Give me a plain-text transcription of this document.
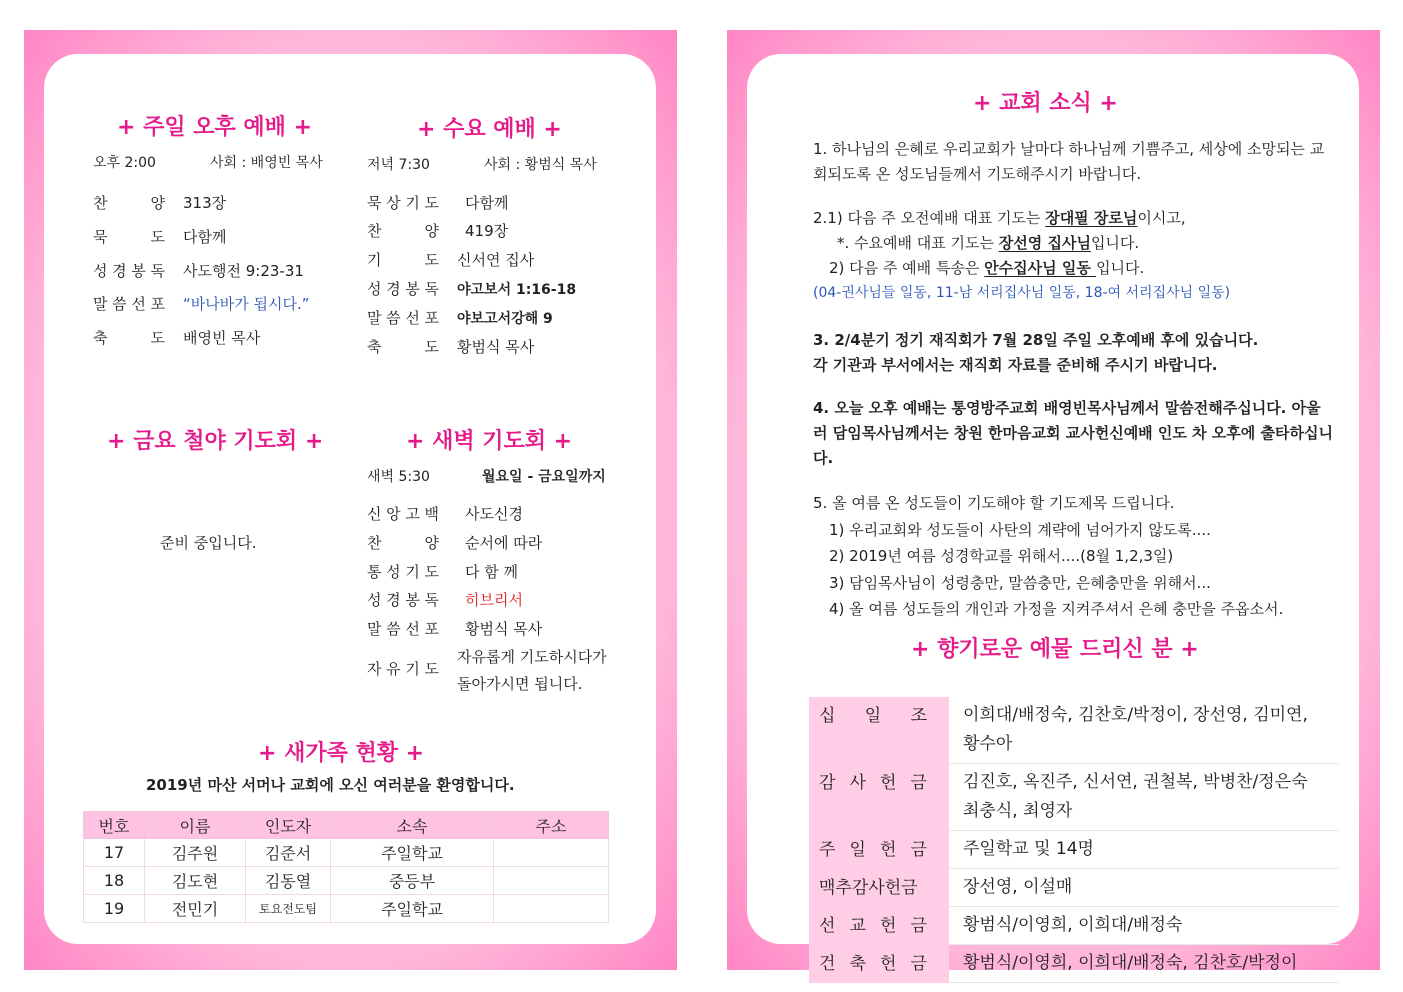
+ 주일 오후 예배 +
오후 2:00	사회 : 배영빈 목사
찬	양 313장
묵	도 다함께
성 경 봉 독 사도행전 9:23-31
말 씀 선 포 “바나바가 됩시다.”
축	도 배영빈 목사
+ 수요 예배 +
저녁 7:30	사회 : 황범식 목사
묵 상 기 도 다함께
찬	양 419장
기	도 신서연 집사
성 경 봉 독 야고보서 1:16-18
말 씀 선 포 야보고서강해 9
축	도 황범식 목사
+ 금요 철야 기도회 +
준비 중입니다.
+ 새벽 기도회 +
새벽 5:30	월요일 - 금요일까지
신 앙 고 백 사도신경
찬	양 순서에 따라
통 성 기 도 다 함 께
성 경 봉 독 히브리서
말 씀 선 포 황범식 목사
자 유 기 도
자유롭게 기도하시다가
돌아가시면 됩니다.
+ 새가족 현황 +
2019년 마산 서머나 교회에 오신 여러분을 환영합니다.
번호	이름	인도자	소속	주소
17	김주원	김준서	주일학교	
18	김도현	김동열	중등부	
19	전민기	토요전도팀	주일학교	
+ 교회 소식 +
1. 하나님의 은혜로 우리교회가 날마다 하나님께 기쁨주고, 세상에 소망되는 교회되도록 온 성도님들께서 기도해주시기 바랍니다.
2.1) 다음 주 오전예배 대표 기도는 장대필 장로님이시고,
*. 수요예배 대표 기도는 장선영 집사님입니다.
2) 다음 주 예배 특송은 안수집사님 일동 입니다.
(04-권사님들 일동, 11-남 서리집사님 일동, 18-여 서리집사님 일동)
3. 2/4분기 정기 재직회가 7월 28일 주일 오후예배 후에 있습니다.
각 기관과 부서에서는 재직회 자료를 준비해 주시기 바랍니다.
4. 오늘 오후 예배는 통영방주교회 배영빈목사님께서 말씀전해주십니다. 아울러 담임목사님께서는 창원 한마음교회 교사헌신예배 인도 차 오후에 출타하십니다.
5. 올 여름 온 성도들이 기도해야 할 기도제목 드립니다.
1) 우리교회와 성도들이 사탄의 계략에 넘어가지 않도록....
2) 2019년 여름 성경학교를 위해서....(8월 1,2,3일)
3) 담임목사님이 성령충만, 말씀충만, 은혜충만을 위해서...
4) 올 여름 성도들의 개인과 가정을 지켜주셔서 은혜 충만을 주옵소서.
+ 향기로운 예물 드리신 분 +
십 일 조	이희대/배정숙, 김찬호/박정이, 장선영, 김미연, 황수아

감 사 헌 금	김진호, 옥진주, 신서연, 권철복, 박병찬/정은숙 최충식, 최영자

주 일 헌 금	주일학교 및 14명

맥추감사헌금	장선영, 이설매

선 교 헌 금	황범식/이영희, 이희대/배정숙

건 축 헌 금	황범식/이영희, 이희대/배정숙, 김찬호/박정이
